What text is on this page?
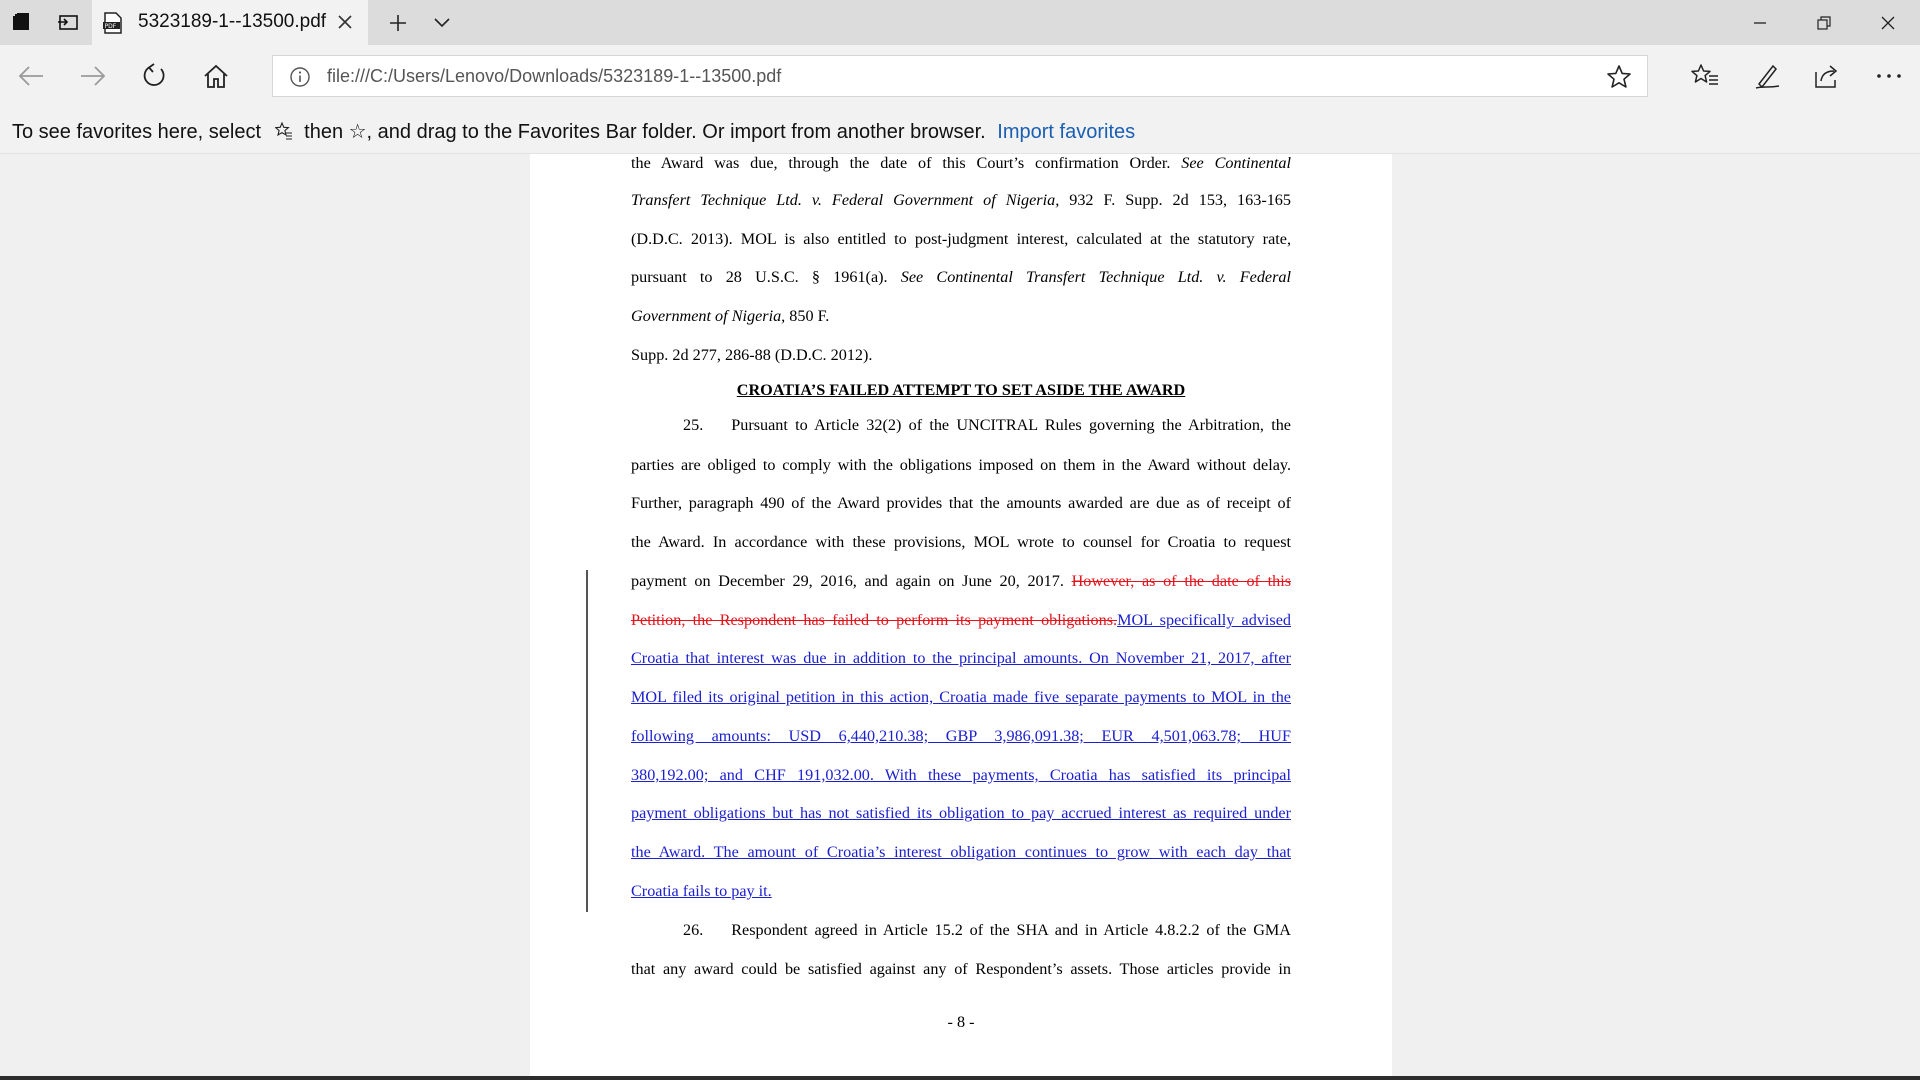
PDF 5323189-1--13500.pdf
file:///C:/Users/Lenovo/Downloads/5323189-1--13500.pdf
To see favorites here, select then ☆, and drag to the Favorites Bar folder. Or import from another browser. Import favorites
the Award was due, through the date of this Court’s confirmation Order. See Continental
Transfert Technique Ltd. v. Federal Government of Nigeria, 932 F. Supp. 2d 153, 163-165
(D.D.C. 2013). MOL is also entitled to post-judgment interest, calculated at the statutory rate,
pursuant to 28 U.S.C. § 1961(a). See Continental Transfert Technique Ltd. v. Federal
Government of Nigeria, 850 F.
Supp. 2d 277, 286-88 (D.D.C. 2012).
CROATIA’S FAILED ATTEMPT TO SET ASIDE THE AWARD
25. Pursuant to Article 32(2) of the UNCITRAL Rules governing the Arbitration, the
parties are obliged to comply with the obligations imposed on them in the Award without delay.
Further, paragraph 490 of the Award provides that the amounts awarded are due as of receipt of
the Award. In accordance with these provisions, MOL wrote to counsel for Croatia to request
payment on December 29, 2016, and again on June 20, 2017. However, as of the date of this
Petition, the Respondent has failed to perform its payment obligations.MOL specifically advised
Croatia that interest was due in addition to the principal amounts. On November 21, 2017, after
MOL filed its original petition in this action, Croatia made five separate payments to MOL in the
following amounts: USD 6,440,210.38; GBP 3,986,091.38; EUR 4,501,063.78; HUF
380,192.00; and CHF 191,032.00. With these payments, Croatia has satisfied its principal
payment obligations but has not satisfied its obligation to pay accrued interest as required under
the Award. The amount of Croatia’s interest obligation continues to grow with each day that
Croatia fails to pay it.
26. Respondent agreed in Article 15.2 of the SHA and in Article 4.8.2.2 of the GMA
that any award could be satisfied against any of Respondent’s assets. Those articles provide in
- 8 -
